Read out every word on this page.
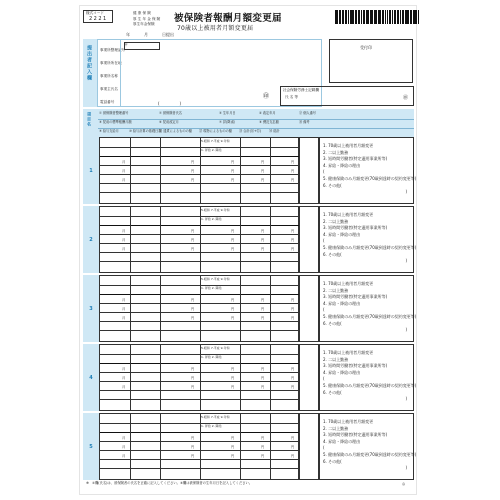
様式コード
2221
健 康 保 険
厚 生 年 金 保 険
厚生年金保険
被保険者報酬月額変更届
70歳以上被用者月額変更届
年	月	日提出
提出者記入欄 事業所整理記号
事業所所在地
事業所名称
事業主氏名
電話番号
〒
㊞
(　　　　　)
受付印
社会保険労務士記載欄
氏 名 等	㊞
項目名 ① 被保険者整理番号	② 被保険者氏名	③ 生年月日	④ 改定年月	⑰ 個人番号
⑤ 従前の標準報酬月額	⑥ 従前改定月	⑦ 昇(降)給	⑧ 遡及支払額	⑱ 備考
⑨ 給与支給月	⑩ 給与計算の基礎日数
⑪ 通貨によるものの額	⑫ 現物によるものの額	⑬ 合計(⑪+⑫)	⑭ 総計
1
月	円	円	円	円
月	円	円	円	円
月	円	円	円	円
5.昭和 7.平成 9.令和
1. 昇給 2. 降給
1. 70歳以上被用者月額変更
2. 二以上勤務
3. 短時間労働者(特定適用事業所等)
4. 昇給・降給の理由
(
5. 健康保険のみ月額変更(70歳到達時の契約変更等)
6. その他(
)
2
月	円	円	円	円
月	円	円	円	円
月	円	円	円	円
5.昭和 7.平成 9.令和
1. 昇給 2. 降給
1. 70歳以上被用者月額変更
2. 二以上勤務
3. 短時間労働者(特定適用事業所等)
4. 昇給・降給の理由
(
5. 健康保険のみ月額変更(70歳到達時の契約変更等)
6. その他(
)
3
月	円	円	円	円
月	円	円	円	円
月	円	円	円	円
5.昭和 7.平成 9.令和
1. 昇給 2. 降給
1. 70歳以上被用者月額変更
2. 二以上勤務
3. 短時間労働者(特定適用事業所等)
4. 昇給・降給の理由
(
5. 健康保険のみ月額変更(70歳到達時の契約変更等)
6. その他(
)
4
月	円	円	円	円
月	円	円	円	円
月	円	円	円	円
5.昭和 7.平成 9.令和
1. 昇給 2. 降給
1. 70歳以上被用者月額変更
2. 二以上勤務
3. 短時間労働者(特定適用事業所等)
4. 昇給・降給の理由
(
5. 健康保険のみ月額変更(70歳到達時の契約変更等)
6. その他(
)
5
月	円	円	円	円
月	円	円	円	円
月	円	円	円	円
5.昭和 7.平成 9.令和
1. 昇給 2. 降給
1. 70歳以上被用者月額変更
2. 二以上勤務
3. 短時間労働者(特定適用事業所等)
4. 昇給・降給の理由
(
5. 健康保険のみ月額変更(70歳到達時の契約変更等)
6. その他(
)
※ ②欄(氏名)は、被保険者の氏名を正確に記入してください。③欄は被保険者の生年月日を記入してください。	◎
